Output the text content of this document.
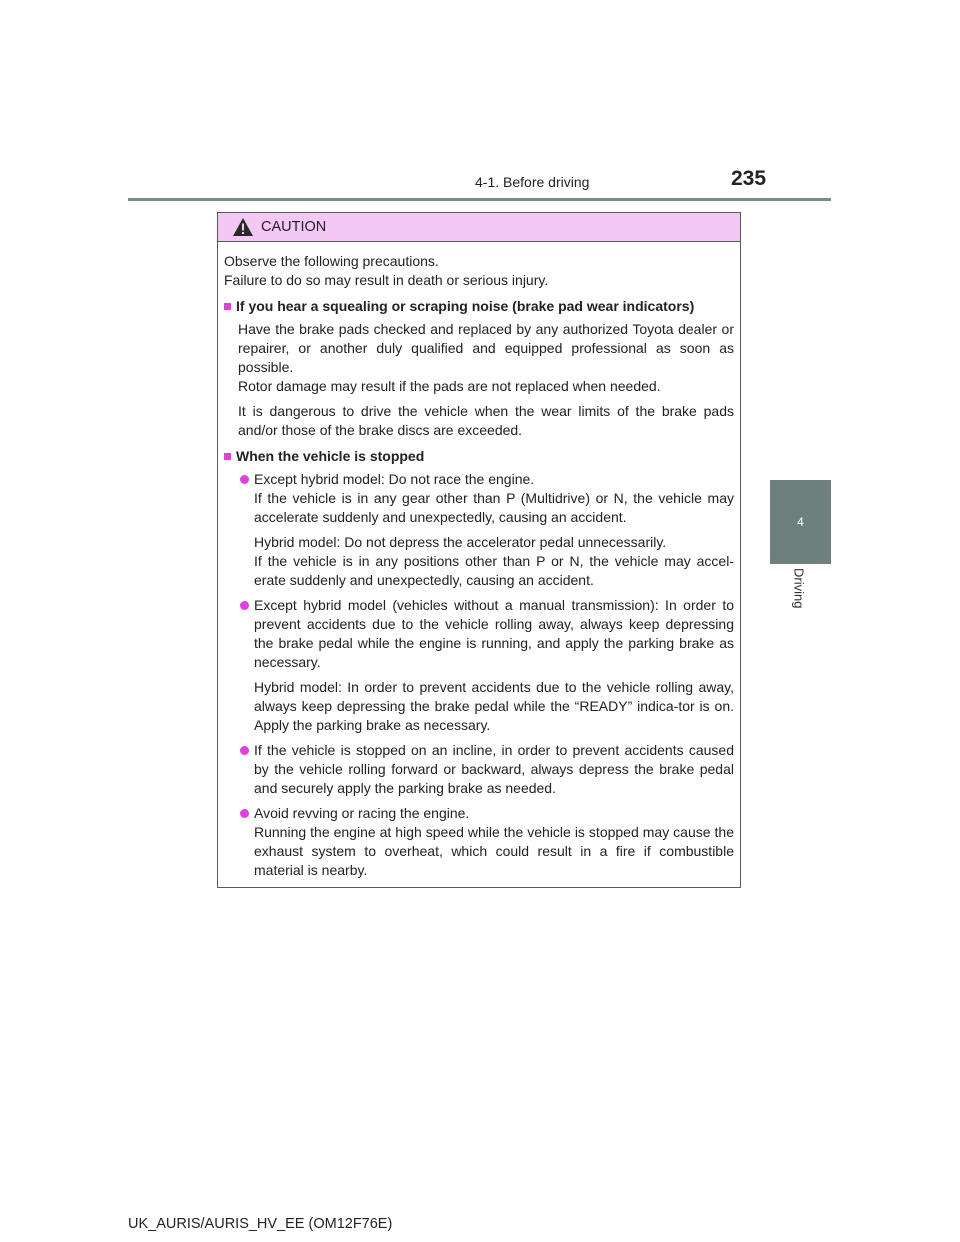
4-1. Before driving	235
4
Driving
CAUTION

Observe the following precautions.

Failure to do so may result in death or serious injury.

If you hear a squealing or scraping noise (brake pad wear indicators)

Have the brake pads checked and replaced by any authorized Toyota dealer or repairer, or another duly qualified and equipped professional as soon as possible.

Rotor damage may result if the pads are not replaced when needed.

It is dangerous to drive the vehicle when the wear limits of the brake pads and/or those of the brake discs are exceeded.

When the vehicle is stopped

Except hybrid model: Do not race the engine.

If the vehicle is in any gear other than P (Multidrive) or N, the vehicle may accelerate suddenly and unexpectedly, causing an accident.

Hybrid model: Do not depress the accelerator pedal unnecessarily.

If the vehicle is in any positions other than P or N, the vehicle may accel-erate suddenly and unexpectedly, causing an accident.

Except hybrid model (vehicles without a manual transmission): In order to prevent accidents due to the vehicle rolling away, always keep depressing the brake pedal while the engine is running, and apply the parking brake as necessary.

Hybrid model: In order to prevent accidents due to the vehicle rolling away, always keep depressing the brake pedal while the “READY” indica-tor is on. Apply the parking brake as necessary.

If the vehicle is stopped on an incline, in order to prevent accidents caused by the vehicle rolling forward or backward, always depress the brake pedal and securely apply the parking brake as needed.

Avoid revving or racing the engine.

Running the engine at high speed while the vehicle is stopped may cause the exhaust system to overheat, which could result in a fire if combustible material is nearby.

UK_AURIS/AURIS_HV_EE (OM12F76E)
